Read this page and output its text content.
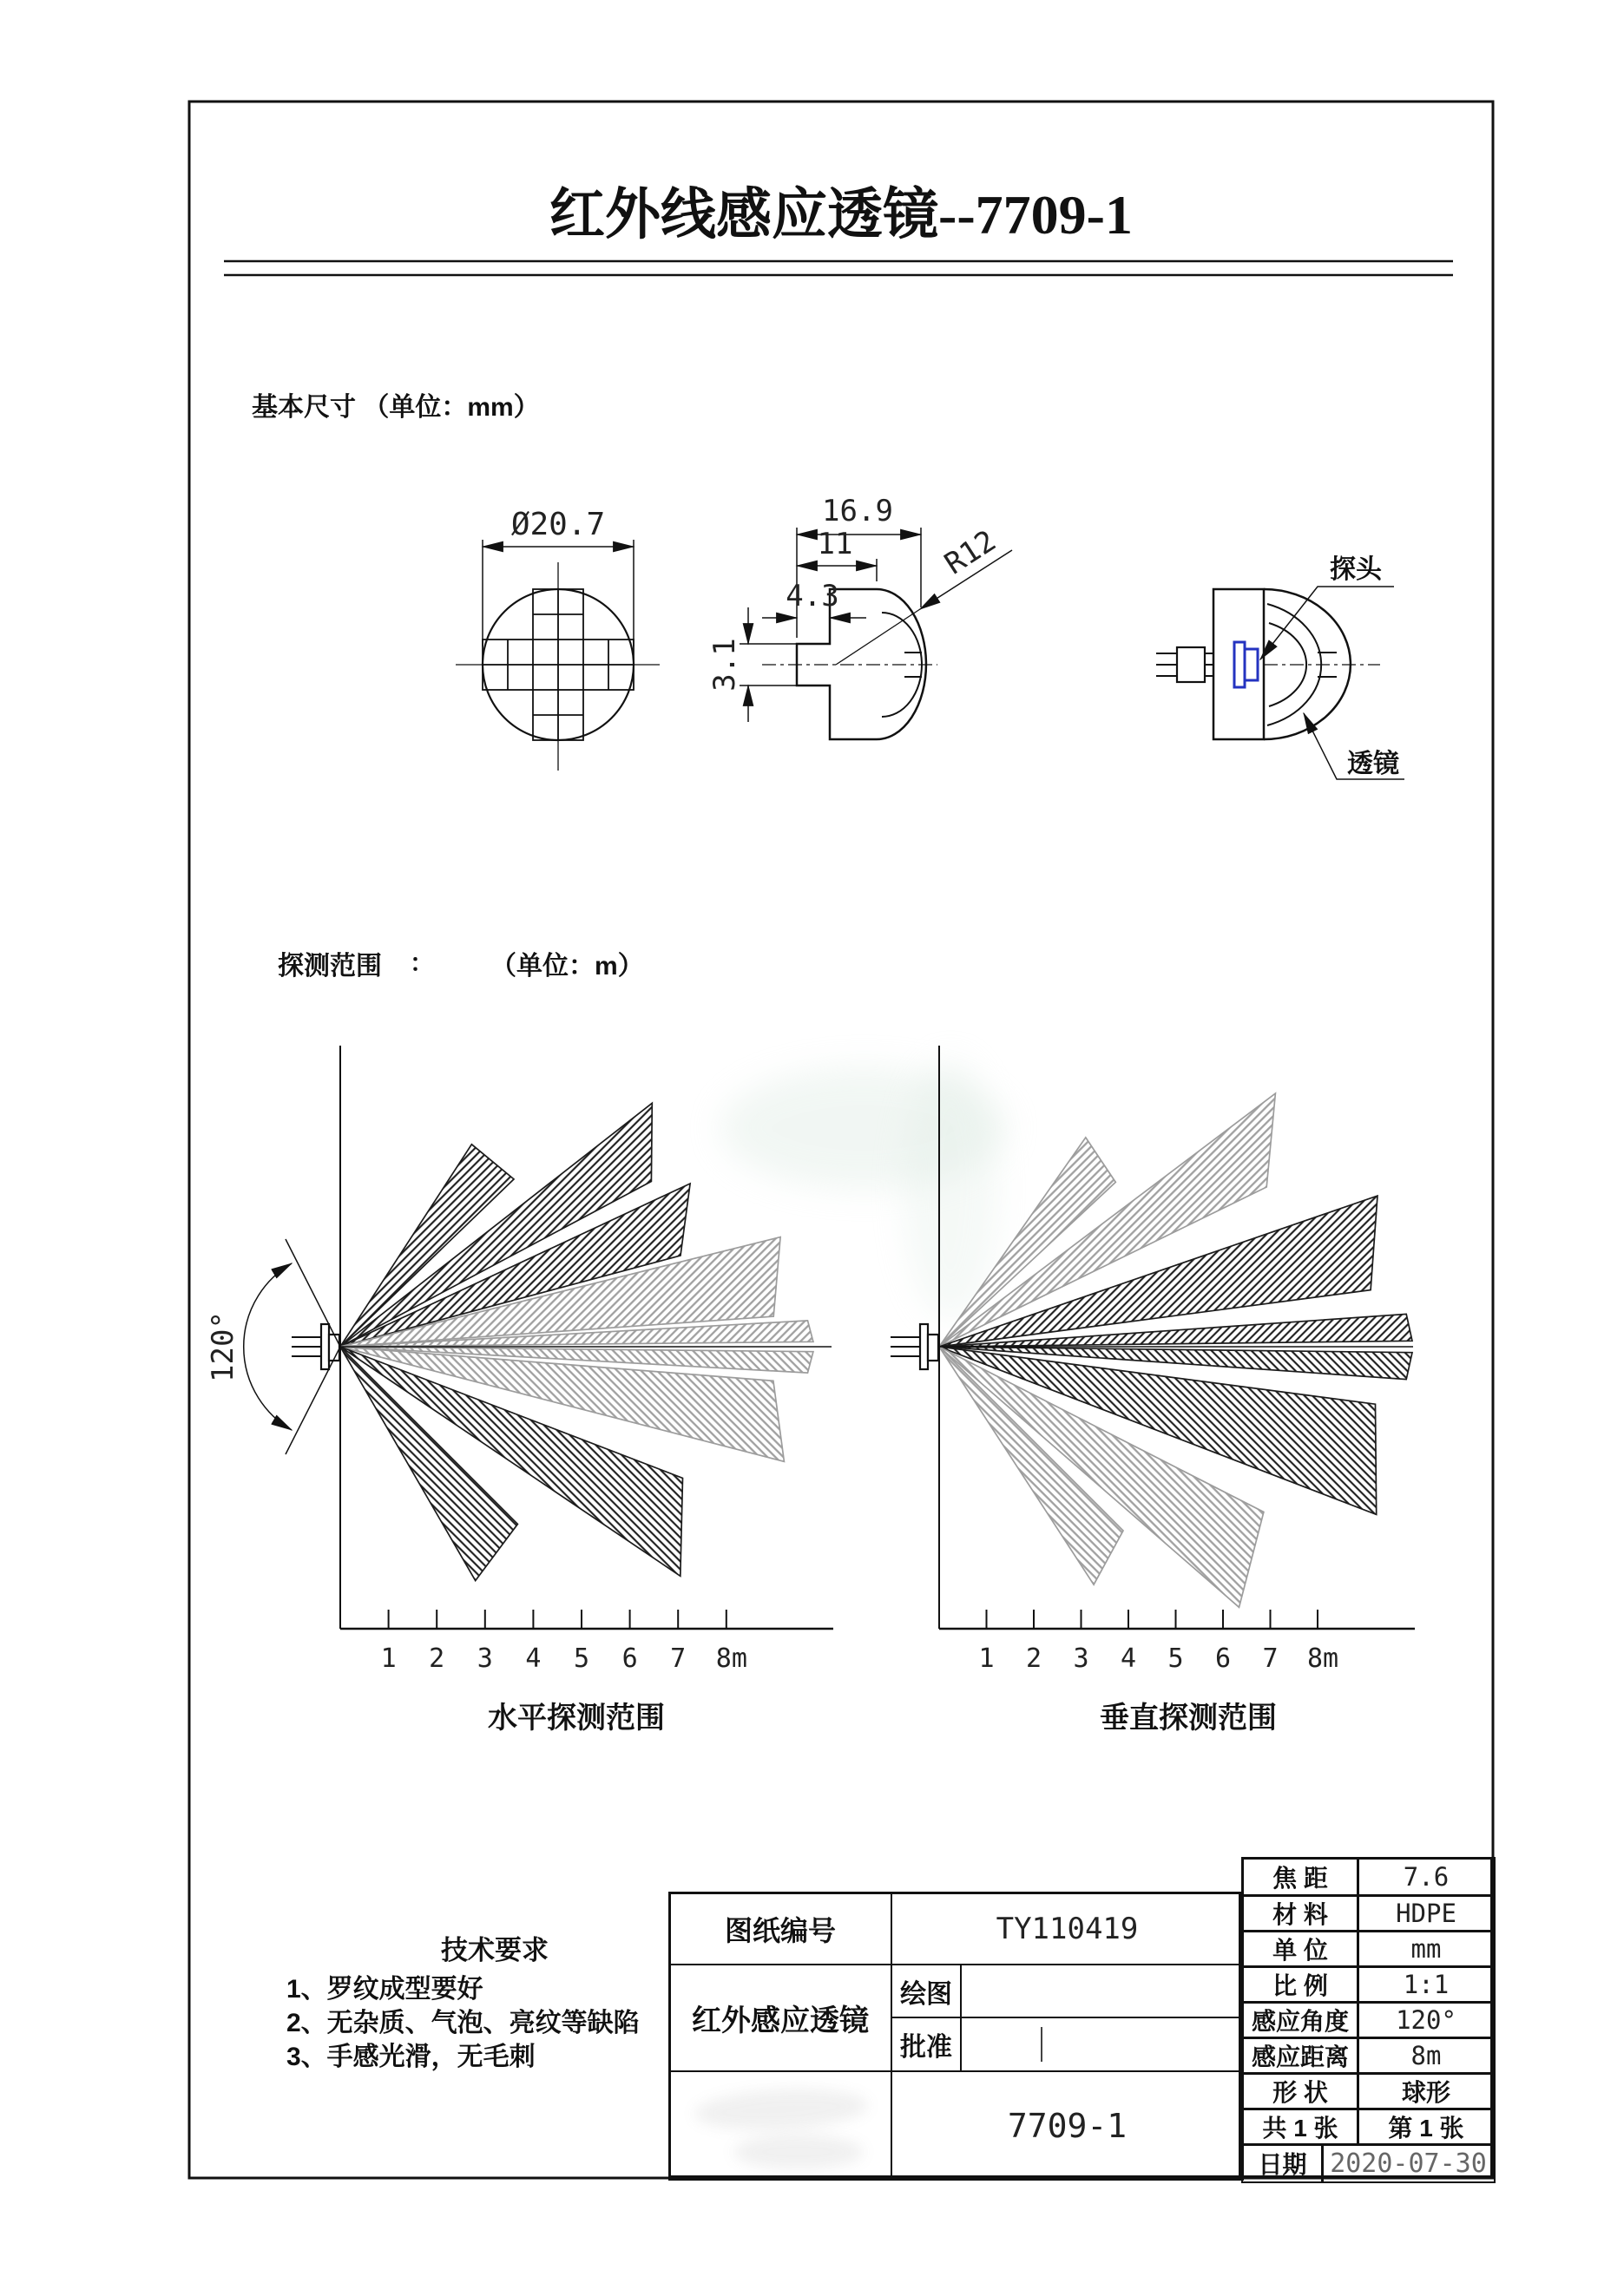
Ø20.7	16.9
11
4.3
3.1
R12	探头
透镜
120°
1 2 3 4 5 6 7 8m	1 2 3 4 5 6 7 8m
红外线感应透镜--7709-1
基本尺寸 （单位：mm）
探测范围 ： （单位：m）
水平探测范围	垂直探测范围
技术要求
1、罗纹成型要好
2、无杂质、气泡、亮纹等缺陷
3、手感光滑，无毛刺
图纸编号	TY110419
红外感应透镜
绘图
批准
7709-1
焦 距	7.6
材 料	HDPE
单 位	mm
比 例	1:1
感应角度	120°
感应距离	8m
形 状	球形
共 1 张	第 1 张
日期 2020-07-30
